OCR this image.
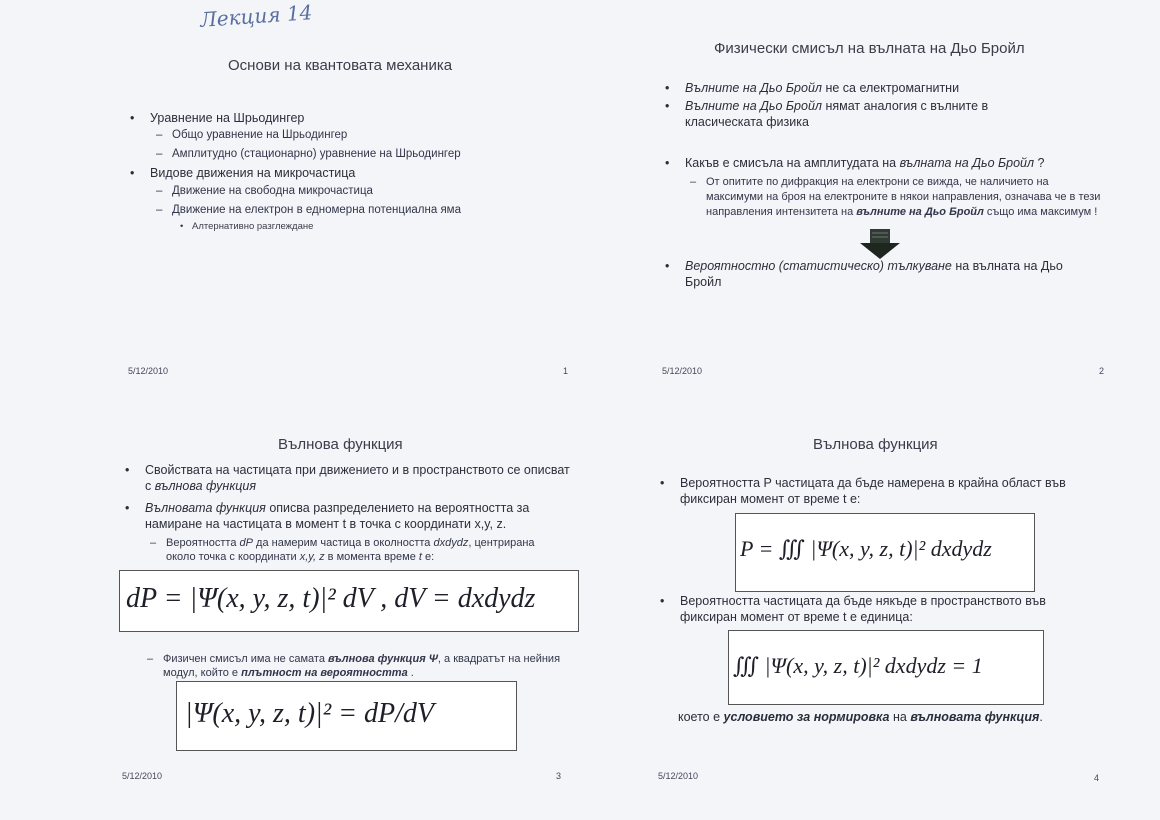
Лекция 14
Основи на квантовата механика
• Уравнение на Шрьодингер
– Общо уравнение на Шрьодингер
– Амплитудно (стационарно) уравнение на Шрьодингер
• Видове движения на микрочастица
– Движение на свободна микрочастица
– Движение на електрон в едномерна потенциална яма
• Алтернативно разглеждане
5/12/2010	1
Физически смисъл на вълната на Дьо Бройл
• Вълните на Дьо Бройл не са електромагнитни
• Вълните на Дьо Бройл нямат аналогия с вълните в класическата физика
• Какъв е смисъла на амплитудата на вълната на Дьо Бройл ?
– От опитите по дифракция на електрони се вижда, че наличието на максимуми на броя на електроните в някои направления, означава че в тези направления интензитета на вълните на Дьо Бройл също има максимум !
• Вероятностно (статистическо) тълкуване на вълната на Дьо Бройл
5/12/2010	2
Вълнова функция
• Свойствата на частицата при движението и в пространството се описват с вълнова функция
• Вълновата функция описва разпределението на вероятността за намиране на частицата в момент t в точка с координати x,y, z.
– Вероятността dP да намерим частица в околността dxdydz, центрирана около точка с координати x,y, z в момента време t е:
dP = |Ψ(x, y, z, t)|² dV , dV = dxdydz
– Физичен смисъл има не самата вълнова функция Ψ, а квадратът на нейния модул, който е плътност на вероятността .
|Ψ(x, y, z, t)|² = dP/dV
5/12/2010	3
Вълнова функция
• Вероятността P частицата да бъде намерена в крайна област във фиксиран момент от време t е:
P = ∭ |Ψ(x, y, z, t)|² dxdydz
• Вероятността частицата да бъде някъде в пространството във фиксиран момент от време t е единица:
∭ |Ψ(x, y, z, t)|² dxdydz = 1
което е условието за нормировка на вълновата функция.
5/12/2010	4
